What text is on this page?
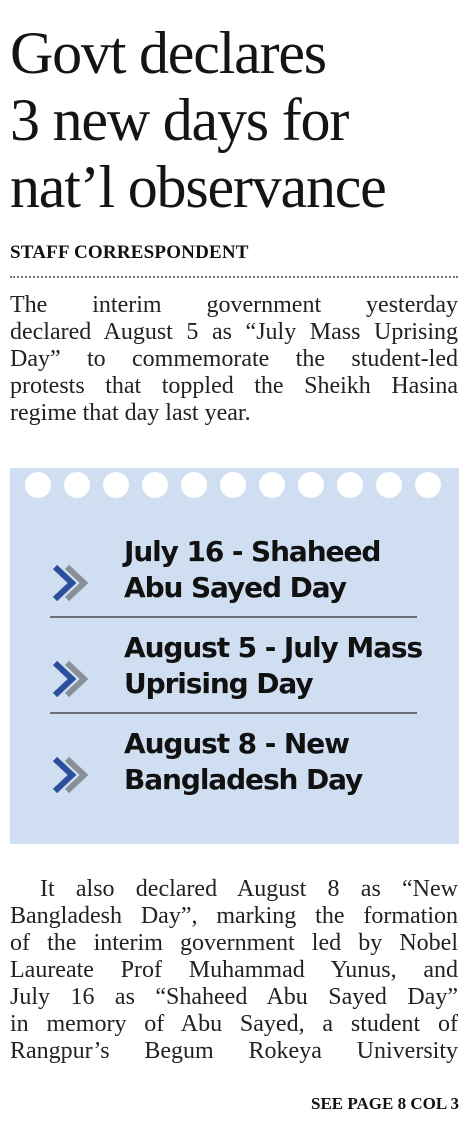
Govt declares
3 new days for
nat’l observance
STAFF CORRESPONDENT
The interim government yesterday
declared August 5 as “July Mass Uprising
Day” to commemorate the student-led
protests that toppled the Sheikh Hasina
regime that day last year.
July 16 - Shaheed
Abu Sayed Day
August 5 - July Mass
Uprising Day
August 8 - New
Bangladesh Day
It also declared August 8 as “New
Bangladesh Day”, marking the formation
of the interim government led by Nobel
Laureate Prof Muhammad Yunus, and
July 16 as “Shaheed Abu Sayed Day”
in memory of Abu Sayed, a student of
Rangpur’s Begum Rokeya University
SEE PAGE 8 COL 3
